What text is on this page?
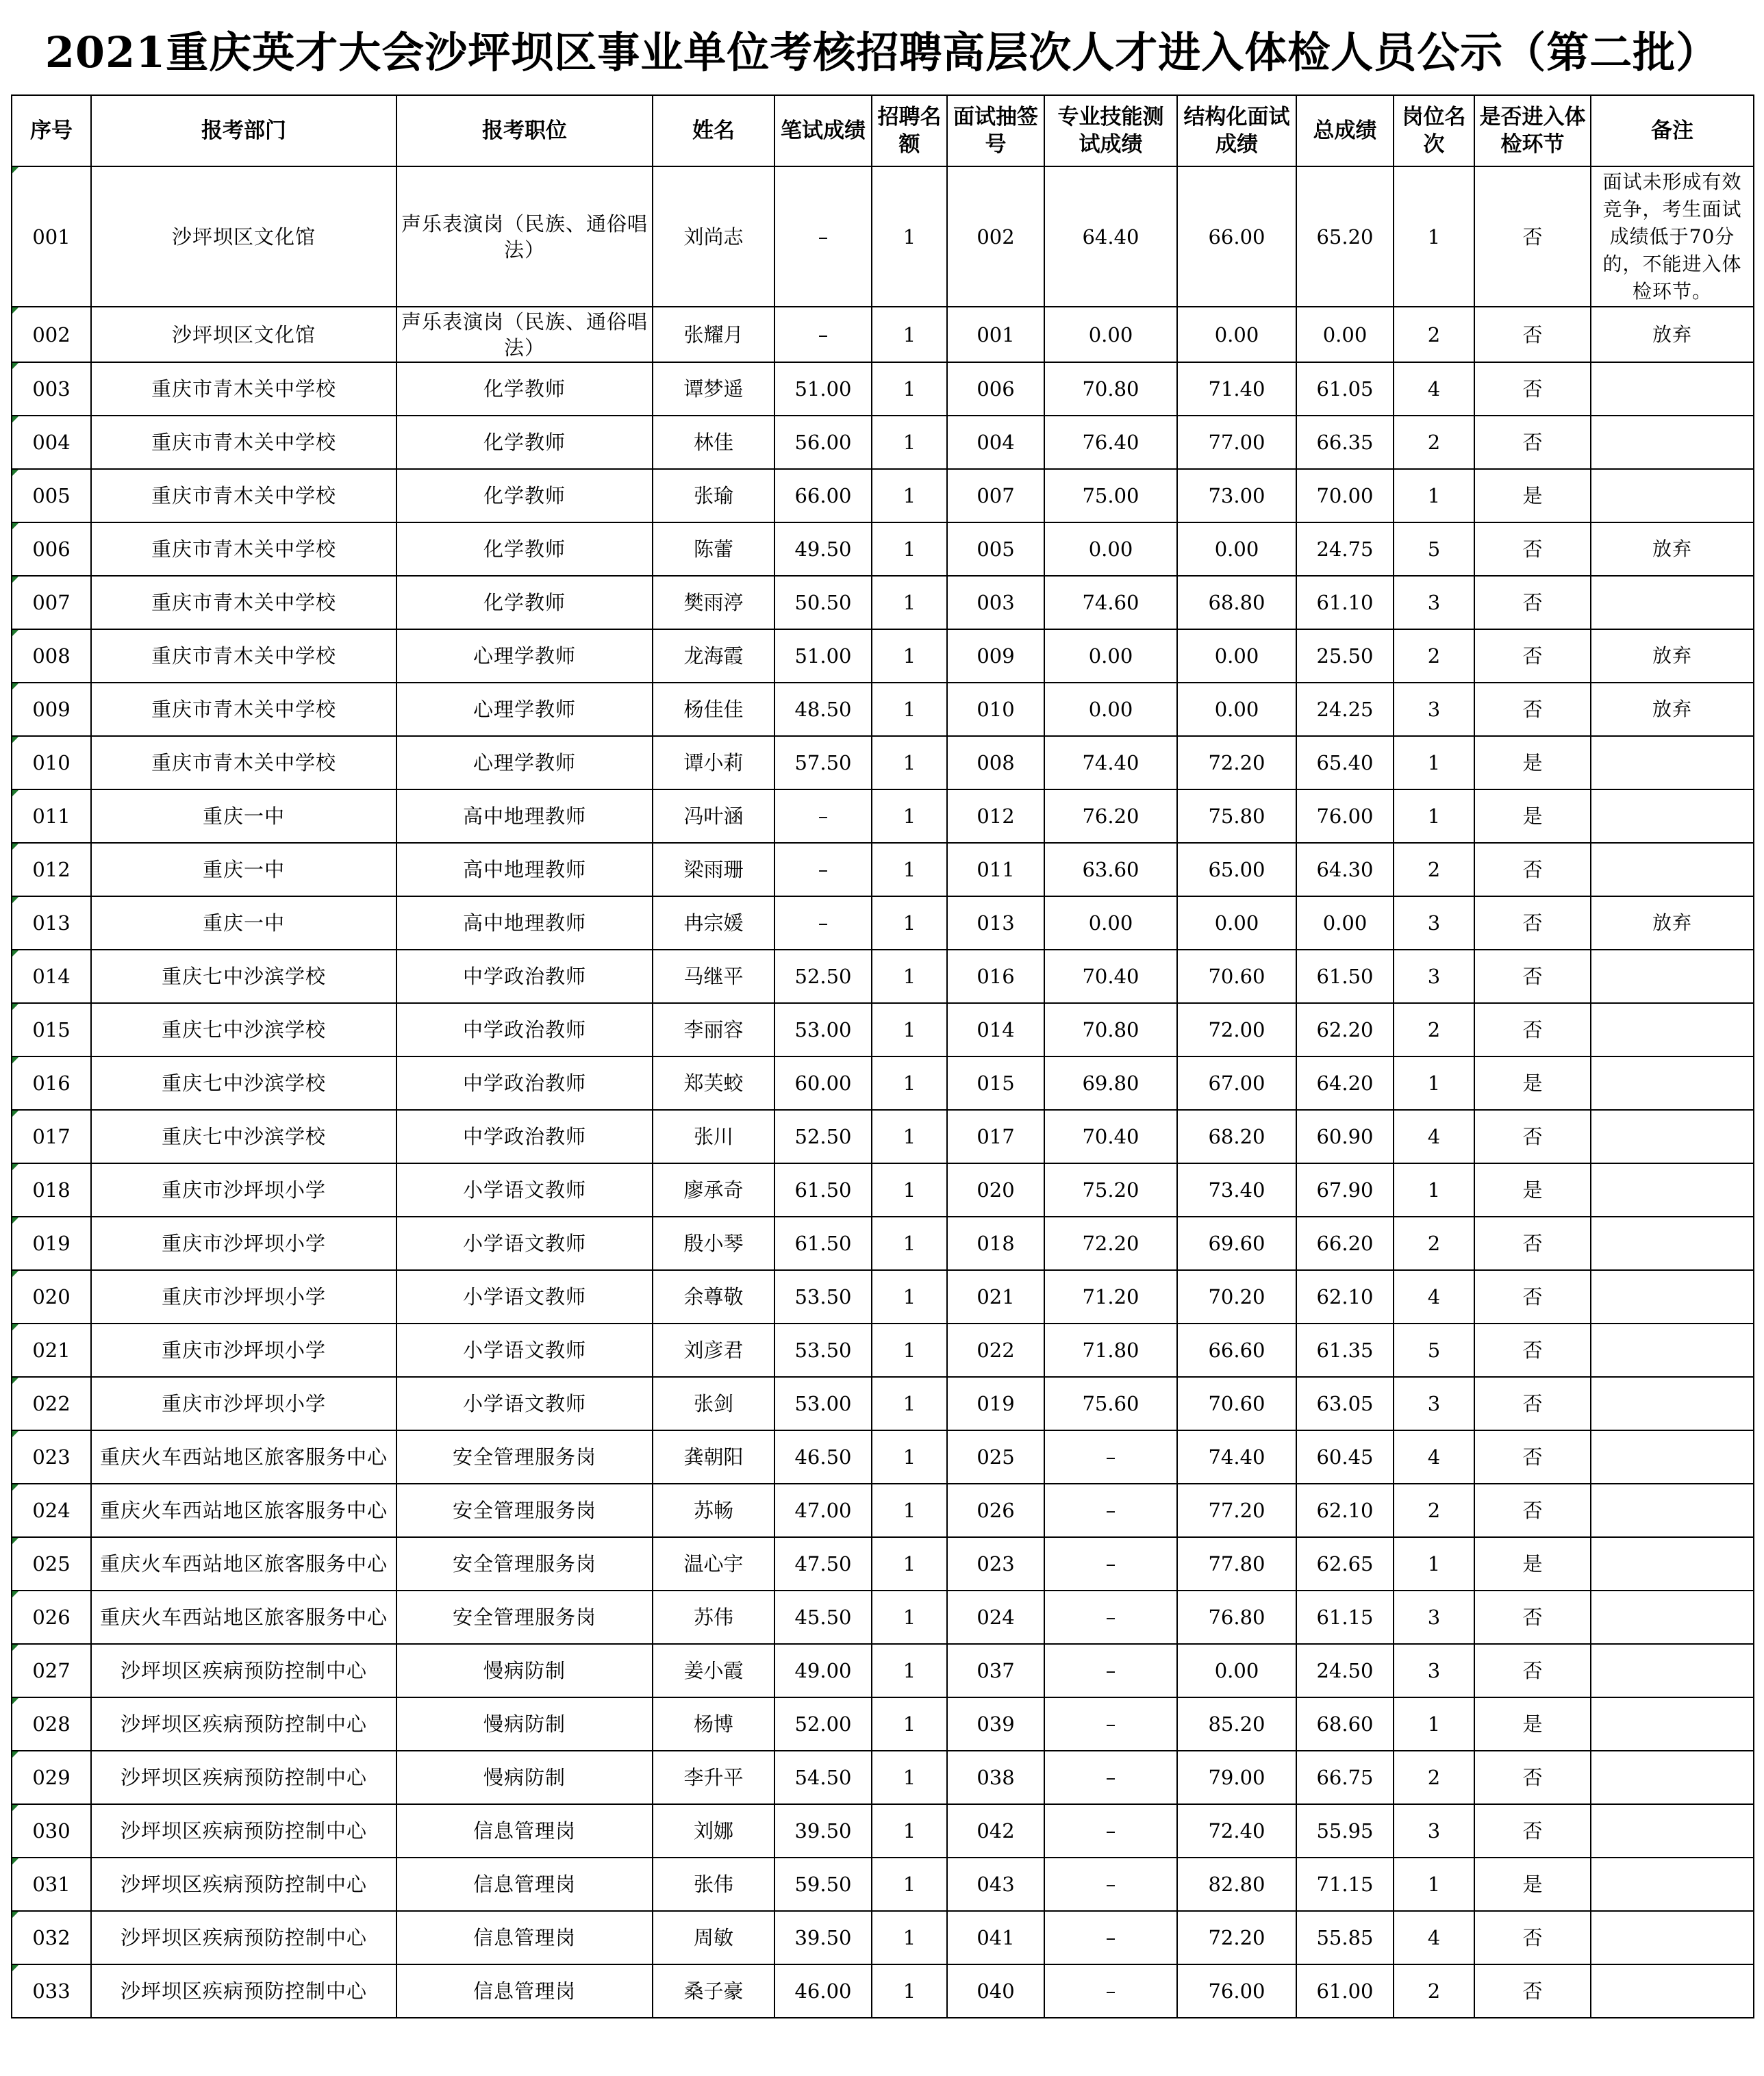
2021重庆英才大会沙坪坝区事业单位考核招聘高层次人才进入体检人员公示（第二批）
序号	报考部门	报考职位	姓名	笔试成绩	招聘名额	面试抽签号	专业技能测试成绩	结构化面试成绩	总成绩	岗位名次	是否进入体检环节	备注
001	沙坪坝区文化馆	声乐表演岗（民族、通俗唱法）	刘尚志	–	1	002	64.40	66.00	65.20	1	否	面试未形成有效竞争，考生面试成绩低于70分的，不能进入体检环节。
002	沙坪坝区文化馆	声乐表演岗（民族、通俗唱法）	张耀月	–	1	001	0.00	0.00	0.00	2	否	放弃
003	重庆市青木关中学校	化学教师	谭梦遥	51.00	1	006	70.80	71.40	61.05	4	否	
004	重庆市青木关中学校	化学教师	林佳	56.00	1	004	76.40	77.00	66.35	2	否	
005	重庆市青木关中学校	化学教师	张瑜	66.00	1	007	75.00	73.00	70.00	1	是	
006	重庆市青木关中学校	化学教师	陈蕾	49.50	1	005	0.00	0.00	24.75	5	否	放弃
007	重庆市青木关中学校	化学教师	樊雨渟	50.50	1	003	74.60	68.80	61.10	3	否	
008	重庆市青木关中学校	心理学教师	龙海霞	51.00	1	009	0.00	0.00	25.50	2	否	放弃
009	重庆市青木关中学校	心理学教师	杨佳佳	48.50	1	010	0.00	0.00	24.25	3	否	放弃
010	重庆市青木关中学校	心理学教师	谭小莉	57.50	1	008	74.40	72.20	65.40	1	是	
011	重庆一中	高中地理教师	冯叶涵	–	1	012	76.20	75.80	76.00	1	是	
012	重庆一中	高中地理教师	梁雨珊	–	1	011	63.60	65.00	64.30	2	否	
013	重庆一中	高中地理教师	冉宗媛	–	1	013	0.00	0.00	0.00	3	否	放弃
014	重庆七中沙滨学校	中学政治教师	马继平	52.50	1	016	70.40	70.60	61.50	3	否	
015	重庆七中沙滨学校	中学政治教师	李丽容	53.00	1	014	70.80	72.00	62.20	2	否	
016	重庆七中沙滨学校	中学政治教师	郑芙蛟	60.00	1	015	69.80	67.00	64.20	1	是	
017	重庆七中沙滨学校	中学政治教师	张川	52.50	1	017	70.40	68.20	60.90	4	否	
018	重庆市沙坪坝小学	小学语文教师	廖承奇	61.50	1	020	75.20	73.40	67.90	1	是	
019	重庆市沙坪坝小学	小学语文教师	殷小琴	61.50	1	018	72.20	69.60	66.20	2	否	
020	重庆市沙坪坝小学	小学语文教师	余尊敬	53.50	1	021	71.20	70.20	62.10	4	否	
021	重庆市沙坪坝小学	小学语文教师	刘彦君	53.50	1	022	71.80	66.60	61.35	5	否	
022	重庆市沙坪坝小学	小学语文教师	张剑	53.00	1	019	75.60	70.60	63.05	3	否	
023	重庆火车西站地区旅客服务中心	安全管理服务岗	龚朝阳	46.50	1	025	–	74.40	60.45	4	否	
024	重庆火车西站地区旅客服务中心	安全管理服务岗	苏畅	47.00	1	026	–	77.20	62.10	2	否	
025	重庆火车西站地区旅客服务中心	安全管理服务岗	温心宇	47.50	1	023	–	77.80	62.65	1	是	
026	重庆火车西站地区旅客服务中心	安全管理服务岗	苏伟	45.50	1	024	–	76.80	61.15	3	否	
027	沙坪坝区疾病预防控制中心	慢病防制	姜小霞	49.00	1	037	–	0.00	24.50	3	否	
028	沙坪坝区疾病预防控制中心	慢病防制	杨博	52.00	1	039	–	85.20	68.60	1	是	
029	沙坪坝区疾病预防控制中心	慢病防制	李升平	54.50	1	038	–	79.00	66.75	2	否	
030	沙坪坝区疾病预防控制中心	信息管理岗	刘娜	39.50	1	042	–	72.40	55.95	3	否	
031	沙坪坝区疾病预防控制中心	信息管理岗	张伟	59.50	1	043	–	82.80	71.15	1	是	
032	沙坪坝区疾病预防控制中心	信息管理岗	周敏	39.50	1	041	–	72.20	55.85	4	否	
033	沙坪坝区疾病预防控制中心	信息管理岗	桑子豪	46.00	1	040	–	76.00	61.00	2	否	
